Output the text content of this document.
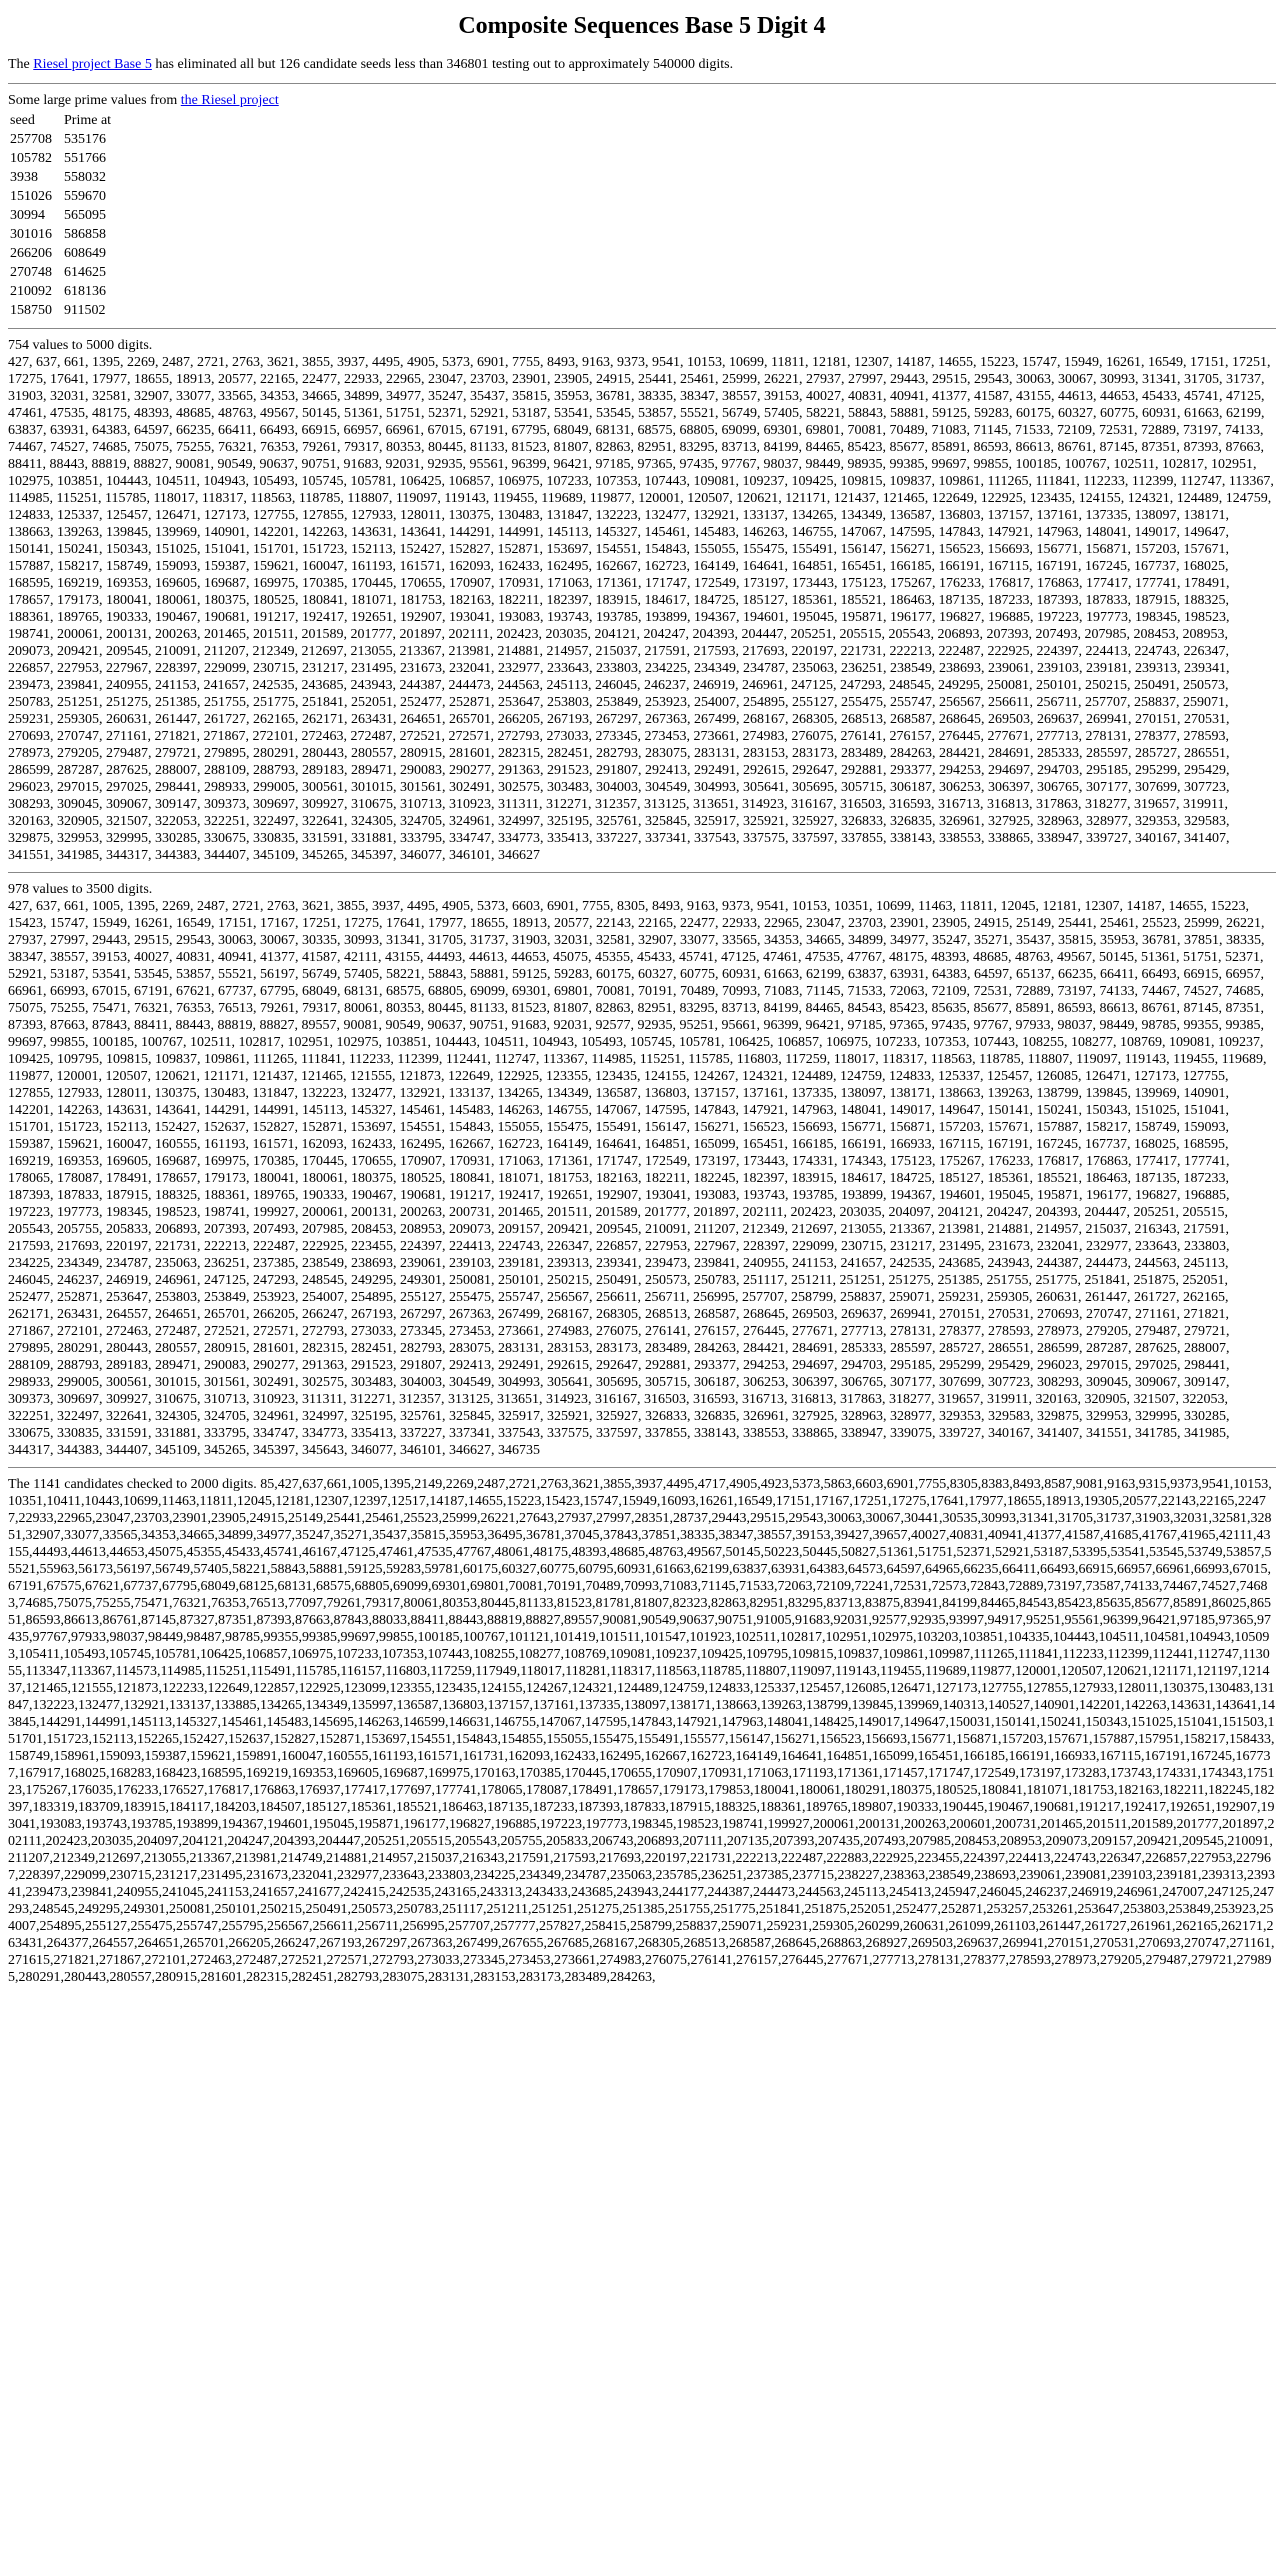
Composite Sequences Base 5 Digit 4

The Riesel project Base 5 has eliminated all but 126 candidate seeds less than 346801 testing out to approximately 540000 digits.

Some large prime values from the Riesel project
seed	Prime at
257708	535176
105782	551766
3938	558032
151026	559670
30994	565095
301016	586858
266206	608649
270748	614625
210092	618136
158750	911502
754 values to 5000 digits.
427, 637, 661, 1395, 2269, 2487, 2721, 2763, 3621, 3855, 3937, 4495, 4905, 5373, 6901, 7755, 8493, 9163, 9373, 9541, 10153, 10699, 11811, 12181, 12307, 14187, 14655, 15223, 15747, 15949, 16261, 16549, 17151, 17251, 17275, 17641, 17977, 18655, 18913, 20577, 22165, 22477, 22933, 22965, 23047, 23703, 23901, 23905, 24915, 25441, 25461, 25999, 26221, 27937, 27997, 29443, 29515, 29543, 30063, 30067, 30993, 31341, 31705, 31737, 31903, 32031, 32581, 32907, 33077, 33565, 34353, 34665, 34899, 34977, 35247, 35437, 35815, 35953, 36781, 38335, 38347, 38557, 39153, 40027, 40831, 40941, 41377, 41587, 43155, 44613, 44653, 45433, 45741, 47125, 47461, 47535, 48175, 48393, 48685, 48763, 49567, 50145, 51361, 51751, 52371, 52921, 53187, 53541, 53545, 53857, 55521, 56749, 57405, 58221, 58843, 58881, 59125, 59283, 60175, 60327, 60775, 60931, 61663, 62199, 63837, 63931, 64383, 64597, 66235, 66411, 66493, 66915, 66957, 66961, 67015, 67191, 67795, 68049, 68131, 68575, 68805, 69099, 69301, 69801, 70081, 70489, 71083, 71145, 71533, 72109, 72531, 72889, 73197, 74133, 74467, 74527, 74685, 75075, 75255, 76321, 76353, 79261, 79317, 80353, 80445, 81133, 81523, 81807, 82863, 82951, 83295, 83713, 84199, 84465, 85423, 85677, 85891, 86593, 86613, 86761, 87145, 87351, 87393, 87663, 88411, 88443, 88819, 88827, 90081, 90549, 90637, 90751, 91683, 92031, 92935, 95561, 96399, 96421, 97185, 97365, 97435, 97767, 98037, 98449, 98935, 99385, 99697, 99855, 100185, 100767, 102511, 102817, 102951, 102975, 103851, 104443, 104511, 104943, 105493, 105745, 105781, 106425, 106857, 106975, 107233, 107353, 107443, 109081, 109237, 109425, 109815, 109837, 109861, 111265, 111841, 112233, 112399, 112747, 113367, 114985, 115251, 115785, 118017, 118317, 118563, 118785, 118807, 119097, 119143, 119455, 119689, 119877, 120001, 120507, 120621, 121171, 121437, 121465, 122649, 122925, 123435, 124155, 124321, 124489, 124759, 124833, 125337, 125457, 126471, 127173, 127755, 127855, 127933, 128011, 130375, 130483, 131847, 132223, 132477, 132921, 133137, 134265, 134349, 136587, 136803, 137157, 137161, 137335, 138097, 138171, 138663, 139263, 139845, 139969, 140901, 142201, 142263, 143631, 143641, 144291, 144991, 145113, 145327, 145461, 145483, 146263, 146755, 147067, 147595, 147843, 147921, 147963, 148041, 149017, 149647, 150141, 150241, 150343, 151025, 151041, 151701, 151723, 152113, 152427, 152827, 152871, 153697, 154551, 154843, 155055, 155475, 155491, 156147, 156271, 156523, 156693, 156771, 156871, 157203, 157671, 157887, 158217, 158749, 159093, 159387, 159621, 160047, 161193, 161571, 162093, 162433, 162495, 162667, 162723, 164149, 164641, 164851, 165451, 166185, 166191, 167115, 167191, 167245, 167737, 168025, 168595, 169219, 169353, 169605, 169687, 169975, 170385, 170445, 170655, 170907, 170931, 171063, 171361, 171747, 172549, 173197, 173443, 175123, 175267, 176233, 176817, 176863, 177417, 177741, 178491, 178657, 179173, 180041, 180061, 180375, 180525, 180841, 181071, 181753, 182163, 182211, 182397, 183915, 184617, 184725, 185127, 185361, 185521, 186463, 187135, 187233, 187393, 187833, 187915, 188325, 188361, 189765, 190333, 190467, 190681, 191217, 192417, 192651, 192907, 193041, 193083, 193743, 193785, 193899, 194367, 194601, 195045, 195871, 196177, 196827, 196885, 197223, 197773, 198345, 198523, 198741, 200061, 200131, 200263, 201465, 201511, 201589, 201777, 201897, 202111, 202423, 203035, 204121, 204247, 204393, 204447, 205251, 205515, 205543, 206893, 207393, 207493, 207985, 208453, 208953, 209073, 209421, 209545, 210091, 211207, 212349, 212697, 213055, 213367, 213981, 214881, 214957, 215037, 217591, 217593, 217693, 220197, 221731, 222213, 222487, 222925, 224397, 224413, 224743, 226347, 226857, 227953, 227967, 228397, 229099, 230715, 231217, 231495, 231673, 232041, 232977, 233643, 233803, 234225, 234349, 234787, 235063, 236251, 238549, 238693, 239061, 239103, 239181, 239313, 239341, 239473, 239841, 240955, 241153, 241657, 242535, 243685, 243943, 244387, 244473, 244563, 245113, 246045, 246237, 246919, 246961, 247125, 247293, 248545, 249295, 250081, 250101, 250215, 250491, 250573, 250783, 251251, 251275, 251385, 251755, 251775, 251841, 252051, 252477, 252871, 253647, 253803, 253849, 253923, 254007, 254895, 255127, 255475, 255747, 256567, 256611, 256711, 257707, 258837, 259071, 259231, 259305, 260631, 261447, 261727, 262165, 262171, 263431, 264651, 265701, 266205, 267193, 267297, 267363, 267499, 268167, 268305, 268513, 268587, 268645, 269503, 269637, 269941, 270151, 270531, 270693, 270747, 271161, 271821, 271867, 272101, 272463, 272487, 272521, 272571, 272793, 273033, 273345, 273453, 273661, 274983, 276075, 276141, 276157, 276445, 277671, 277713, 278131, 278377, 278593, 278973, 279205, 279487, 279721, 279895, 280291, 280443, 280557, 280915, 281601, 282315, 282451, 282793, 283075, 283131, 283153, 283173, 283489, 284263, 284421, 284691, 285333, 285597, 285727, 286551, 286599, 287287, 287625, 288007, 288109, 288793, 289183, 289471, 290083, 290277, 291363, 291523, 291807, 292413, 292491, 292615, 292647, 292881, 293377, 294253, 294697, 294703, 295185, 295299, 295429, 296023, 297015, 297025, 298441, 298933, 299005, 300561, 301015, 301561, 302491, 302575, 303483, 304003, 304549, 304993, 305641, 305695, 305715, 306187, 306253, 306397, 306765, 307177, 307699, 307723, 308293, 309045, 309067, 309147, 309373, 309697, 309927, 310675, 310713, 310923, 311311, 312271, 312357, 313125, 313651, 314923, 316167, 316503, 316593, 316713, 316813, 317863, 318277, 319657, 319911, 320163, 320905, 321507, 322053, 322251, 322497, 322641, 324305, 324705, 324961, 324997, 325195, 325761, 325845, 325917, 325921, 325927, 326833, 326835, 326961, 327925, 328963, 328977, 329353, 329583, 329875, 329953, 329995, 330285, 330675, 330835, 331591, 331881, 333795, 334747, 334773, 335413, 337227, 337341, 337543, 337575, 337597, 337855, 338143, 338553, 338865, 338947, 339727, 340167, 341407, 341551, 341985, 344317, 344383, 344407, 345109, 345265, 345397, 346077, 346101, 346627
978 values to 3500 digits.
427, 637, 661, 1005, 1395, 2269, 2487, 2721, 2763, 3621, 3855, 3937, 4495, 4905, 5373, 6603, 6901, 7755, 8305, 8493, 9163, 9373, 9541, 10153, 10351, 10699, 11463, 11811, 12045, 12181, 12307, 14187, 14655, 15223, 15423, 15747, 15949, 16261, 16549, 17151, 17167, 17251, 17275, 17641, 17977, 18655, 18913, 20577, 22143, 22165, 22477, 22933, 22965, 23047, 23703, 23901, 23905, 24915, 25149, 25441, 25461, 25523, 25999, 26221, 27937, 27997, 29443, 29515, 29543, 30063, 30067, 30335, 30993, 31341, 31705, 31737, 31903, 32031, 32581, 32907, 33077, 33565, 34353, 34665, 34899, 34977, 35247, 35271, 35437, 35815, 35953, 36781, 37851, 38335, 38347, 38557, 39153, 40027, 40831, 40941, 41377, 41587, 42111, 43155, 44493, 44613, 44653, 45075, 45355, 45433, 45741, 47125, 47461, 47535, 47767, 48175, 48393, 48685, 48763, 49567, 50145, 51361, 51751, 52371, 52921, 53187, 53541, 53545, 53857, 55521, 56197, 56749, 57405, 58221, 58843, 58881, 59125, 59283, 60175, 60327, 60775, 60931, 61663, 62199, 63837, 63931, 64383, 64597, 65137, 66235, 66411, 66493, 66915, 66957, 66961, 66993, 67015, 67191, 67621, 67737, 67795, 68049, 68131, 68575, 68805, 69099, 69301, 69801, 70081, 70191, 70489, 70993, 71083, 71145, 71533, 72063, 72109, 72531, 72889, 73197, 74133, 74467, 74527, 74685, 75075, 75255, 75471, 76321, 76353, 76513, 79261, 79317, 80061, 80353, 80445, 81133, 81523, 81807, 82863, 82951, 83295, 83713, 84199, 84465, 84543, 85423, 85635, 85677, 85891, 86593, 86613, 86761, 87145, 87351, 87393, 87663, 87843, 88411, 88443, 88819, 88827, 89557, 90081, 90549, 90637, 90751, 91683, 92031, 92577, 92935, 95251, 95661, 96399, 96421, 97185, 97365, 97435, 97767, 97933, 98037, 98449, 98785, 99355, 99385, 99697, 99855, 100185, 100767, 102511, 102817, 102951, 102975, 103851, 104443, 104511, 104943, 105493, 105745, 105781, 106425, 106857, 106975, 107233, 107353, 107443, 108255, 108277, 108769, 109081, 109237, 109425, 109795, 109815, 109837, 109861, 111265, 111841, 112233, 112399, 112441, 112747, 113367, 114985, 115251, 115785, 116803, 117259, 118017, 118317, 118563, 118785, 118807, 119097, 119143, 119455, 119689, 119877, 120001, 120507, 120621, 121171, 121437, 121465, 121555, 121873, 122649, 122925, 123355, 123435, 124155, 124267, 124321, 124489, 124759, 124833, 125337, 125457, 126085, 126471, 127173, 127755, 127855, 127933, 128011, 130375, 130483, 131847, 132223, 132477, 132921, 133137, 134265, 134349, 136587, 136803, 137157, 137161, 137335, 138097, 138171, 138663, 139263, 138799, 139845, 139969, 140901, 142201, 142263, 143631, 143641, 144291, 144991, 145113, 145327, 145461, 145483, 146263, 146755, 147067, 147595, 147843, 147921, 147963, 148041, 149017, 149647, 150141, 150241, 150343, 151025, 151041, 151701, 151723, 152113, 152427, 152637, 152827, 152871, 153697, 154551, 154843, 155055, 155475, 155491, 156147, 156271, 156523, 156693, 156771, 156871, 157203, 157671, 157887, 158217, 158749, 159093, 159387, 159621, 160047, 160555, 161193, 161571, 162093, 162433, 162495, 162667, 162723, 164149, 164641, 164851, 165099, 165451, 166185, 166191, 166933, 167115, 167191, 167245, 167737, 168025, 168595, 169219, 169353, 169605, 169687, 169975, 170385, 170445, 170655, 170907, 170931, 171063, 171361, 171747, 172549, 173197, 173443, 174331, 174343, 175123, 175267, 176233, 176817, 176863, 177417, 177741, 178065, 178087, 178491, 178657, 179173, 180041, 180061, 180375, 180525, 180841, 181071, 181753, 182163, 182211, 182245, 182397, 183915, 184617, 184725, 185127, 185361, 185521, 186463, 187135, 187233, 187393, 187833, 187915, 188325, 188361, 189765, 190333, 190467, 190681, 191217, 192417, 192651, 192907, 193041, 193083, 193743, 193785, 193899, 194367, 194601, 195045, 195871, 196177, 196827, 196885, 197223, 197773, 198345, 198523, 198741, 199927, 200061, 200131, 200263, 200731, 201465, 201511, 201589, 201777, 201897, 202111, 202423, 203035, 204097, 204121, 204247, 204393, 204447, 205251, 205515, 205543, 205755, 205833, 206893, 207393, 207493, 207985, 208453, 208953, 209073, 209157, 209421, 209545, 210091, 211207, 212349, 212697, 213055, 213367, 213981, 214881, 214957, 215037, 216343, 217591, 217593, 217693, 220197, 221731, 222213, 222487, 222925, 223455, 224397, 224413, 224743, 226347, 226857, 227953, 227967, 228397, 229099, 230715, 231217, 231495, 231673, 232041, 232977, 233643, 233803, 234225, 234349, 234787, 235063, 236251, 237385, 238549, 238693, 239061, 239103, 239181, 239313, 239341, 239473, 239841, 240955, 241153, 241657, 242535, 243685, 243943, 244387, 244473, 244563, 245113, 246045, 246237, 246919, 246961, 247125, 247293, 248545, 249295, 249301, 250081, 250101, 250215, 250491, 250573, 250783, 251117, 251211, 251251, 251275, 251385, 251755, 251775, 251841, 251875, 252051, 252477, 252871, 253647, 253803, 253849, 253923, 254007, 254895, 255127, 255475, 255747, 256567, 256611, 256711, 256995, 257707, 258799, 258837, 259071, 259231, 259305, 260631, 261447, 261727, 262165, 262171, 263431, 264557, 264651, 265701, 266205, 266247, 267193, 267297, 267363, 267499, 268167, 268305, 268513, 268587, 268645, 269503, 269637, 269941, 270151, 270531, 270693, 270747, 271161, 271821, 271867, 272101, 272463, 272487, 272521, 272571, 272793, 273033, 273345, 273453, 273661, 274983, 276075, 276141, 276157, 276445, 277671, 277713, 278131, 278377, 278593, 278973, 279205, 279487, 279721, 279895, 280291, 280443, 280557, 280915, 281601, 282315, 282451, 282793, 283075, 283131, 283153, 283173, 283489, 284263, 284421, 284691, 285333, 285597, 285727, 286551, 286599, 287287, 287625, 288007, 288109, 288793, 289183, 289471, 290083, 290277, 291363, 291523, 291807, 292413, 292491, 292615, 292647, 292881, 293377, 294253, 294697, 294703, 295185, 295299, 295429, 296023, 297015, 297025, 298441, 298933, 299005, 300561, 301015, 301561, 302491, 302575, 303483, 304003, 304549, 304993, 305641, 305695, 305715, 306187, 306253, 306397, 306765, 307177, 307699, 307723, 308293, 309045, 309067, 309147, 309373, 309697, 309927, 310675, 310713, 310923, 311311, 312271, 312357, 313125, 313651, 314923, 316167, 316503, 316593, 316713, 316813, 317863, 318277, 319657, 319911, 320163, 320905, 321507, 322053, 322251, 322497, 322641, 324305, 324705, 324961, 324997, 325195, 325761, 325845, 325917, 325921, 325927, 326833, 326835, 326961, 327925, 328963, 328977, 329353, 329583, 329875, 329953, 329995, 330285, 330675, 330835, 331591, 331881, 333795, 334747, 334773, 335413, 337227, 337341, 337543, 337575, 337597, 337855, 338143, 338553, 338865, 338947, 339075, 339727, 340167, 341407, 341551, 341785, 341985, 344317, 344383, 344407, 345109, 345265, 345397, 345643, 346077, 346101, 346627, 346735
The 1141 candidates checked to 2000 digits. 85,427,637,661,1005,1395,2149,2269,2487,2721,2763,3621,3855,3937,4495,4717,4905,4923,5373,5863,6603,6901,7755,8305,8383,8493,8587,9081,9163,9315,9373,9541,10153,10351,10411,10443,10699,11463,11811,12045,12181,12307,12397,12517,14187,14655,15223,15423,15747,15949,16093,16261,16549,17151,17167,17251,17275,17641,17977,18655,18913,19305,20577,22143,22165,22477,22933,22965,23047,23703,23901,23905,24915,25149,25441,25461,25523,25999,26221,27643,27937,27997,28351,28737,29443,29515,29543,30063,30067,30441,30535,30993,31341,31705,31737,31903,32031,32581,32851,32907,33077,33565,34353,34665,34899,34977,35247,35271,35437,35815,35953,36495,36781,37045,37843,37851,38335,38347,38557,39153,39427,39657,40027,40831,40941,41377,41587,41685,41767,41965,42111,43155,44493,44613,44653,45075,45355,45433,45741,46167,47125,47461,47535,47767,48061,48175,48393,48685,48763,49567,50145,50223,50445,50827,51361,51751,52371,52921,53187,53395,53541,53545,53749,53857,55521,55963,56173,56197,56749,57405,58221,58843,58881,59125,59283,59781,60175,60327,60775,60795,60931,61663,62199,63837,63931,64383,64573,64597,64965,66235,66411,66493,66915,66957,66961,66993,67015,67191,67575,67621,67737,67795,68049,68125,68131,68575,68805,69099,69301,69801,70081,70191,70489,70993,71083,71145,71533,72063,72109,72241,72531,72573,72843,72889,73197,73587,74133,74467,74527,74683,74685,75075,75255,75471,76321,76353,76513,77097,79261,79317,80061,80353,80445,81133,81523,81781,81807,82323,82863,82951,83295,83713,83875,83941,84199,84465,84543,85423,85635,85677,85891,86025,86551,86593,86613,86761,87145,87327,87351,87393,87663,87843,88033,88411,88443,88819,88827,89557,90081,90549,90637,90751,91005,91683,92031,92577,92935,93997,94917,95251,95561,96399,96421,97185,97365,97435,97767,97933,98037,98449,98487,98785,99355,99385,99697,99855,100185,100767,101121,101419,101511,101547,101923,102511,102817,102951,102975,103203,103851,104335,104443,104511,104581,104943,105093,105411,105493,105745,105781,106425,106857,106975,107233,107353,107443,108255,108277,108769,109081,109237,109425,109795,109815,109837,109861,109987,111265,111841,112233,112399,112441,112747,113055,113347,113367,114573,114985,115251,115491,115785,116157,116803,117259,117949,118017,118281,118317,118563,118785,118807,119097,119143,119455,119689,119877,120001,120507,120621,121171,121197,121437,121465,121555,121873,122233,122649,122857,122925,123099,123355,123435,124155,124267,124321,124489,124759,124833,125337,125457,126085,126471,127173,127755,127855,127933,128011,130375,130483,131847,132223,132477,132921,133137,133885,134265,134349,135997,136587,136803,137157,137161,137335,138097,138171,138663,139263,138799,139845,139969,140313,140527,140901,142201,142263,143631,143641,143845,144291,144991,145113,145327,145461,145483,145695,146263,146599,146631,146755,147067,147595,147843,147921,147963,148041,148425,149017,149647,150031,150141,150241,150343,151025,151041,151503,151701,151723,152113,152265,152427,152637,152827,152871,153697,154551,154843,154855,155055,155475,155491,155577,156147,156271,156523,156693,156771,156871,157203,157671,157887,157951,158217,158433,158749,158961,159093,159387,159621,159891,160047,160555,161193,161571,161731,162093,162433,162495,162667,162723,164149,164641,164851,165099,165451,166185,166191,166933,167115,167191,167245,167737,167917,168025,168283,168423,168595,169219,169353,169605,169687,169975,170163,170385,170445,170655,170907,170931,171063,171193,171361,171457,171747,172549,173197,173283,173743,174331,174343,175123,175267,176035,176233,176527,176817,176863,176937,177417,177697,177741,178065,178087,178491,178657,179173,179853,180041,180061,180291,180375,180525,180841,181071,181753,182163,182211,182245,182397,183319,183709,183915,184117,184203,184507,185127,185361,185521,186463,187135,187233,187393,187833,187915,188325,188361,189765,189807,190333,190445,190467,190681,191217,192417,192651,192907,193041,193083,193743,193785,193899,194367,194601,195045,195871,196177,196827,196885,197223,197773,198345,198523,198741,199927,200061,200131,200263,200601,200731,201465,201511,201589,201777,201897,202111,202423,203035,204097,204121,204247,204393,204447,205251,205515,205543,205755,205833,206743,206893,207111,207135,207393,207435,207493,207985,208453,208953,209073,209157,209421,209545,210091,211207,212349,212697,213055,213367,213981,214749,214881,214957,215037,216343,217591,217593,217693,220197,221731,222213,222487,222883,222925,223455,224397,224413,224743,226347,226857,227953,227967,228397,229099,230715,231217,231495,231673,232041,232977,233643,233803,234225,234349,234787,235063,235785,236251,237385,237715,238227,238363,238549,238693,239061,239081,239103,239181,239313,239341,239473,239841,240955,241045,241153,241657,241677,242415,242535,243165,243313,243433,243685,243943,244177,244387,244473,244563,245113,245413,245947,246045,246237,246919,246961,247007,247125,247293,248545,249295,249301,250081,250101,250215,250491,250573,250783,251117,251211,251251,251275,251385,251755,251775,251841,251875,252051,252477,252871,253257,253261,253647,253803,253849,253923,254007,254895,255127,255475,255747,255795,256567,256611,256711,256995,257707,257777,257827,258415,258799,258837,259071,259231,259305,260299,260631,261099,261103,261447,261727,261961,262165,262171,263431,264377,264557,264651,265701,266205,266247,267193,267297,267363,267499,267655,267685,268167,268305,268513,268587,268645,268863,268927,269503,269637,269941,270151,270531,270693,270747,271161,271615,271821,271867,272101,272463,272487,272521,272571,272793,273033,273345,273453,273661,274983,276075,276141,276157,276445,277671,277713,278131,278377,278593,278973,279205,279487,279721,279895,280291,280443,280557,280915,281601,282315,282451,282793,283075,283131,283153,283173,283489,284263,
